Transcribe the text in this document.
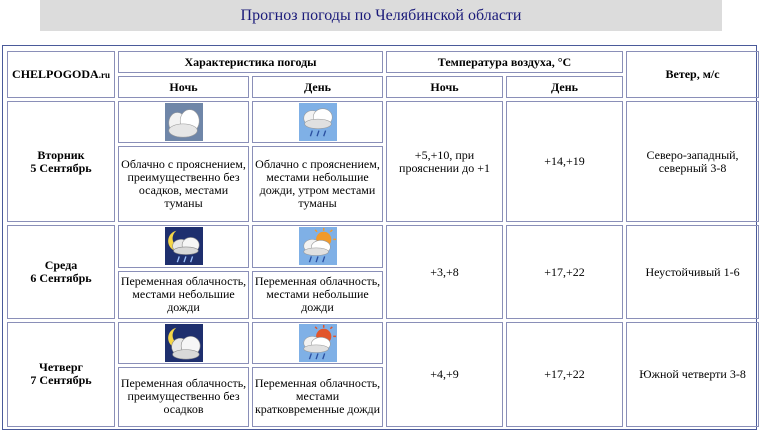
Прогноз погоды по Челябинской области
CHELPOGODA.ru	Характеристика погоды		Температура воздуха, °С		Ветер, м/с
	Ночь	День	Ночь	День	

Вторник
5 Сентябрь			+5,+10, при прояснении до +1	+14,+19	Северо-западный, северный 3-8
	Облачно с прояснением, преимущественно без осадков, местами туманы	Облачно с прояснением, местами небольшие дожди, утром местами туманы			

Среда
6 Сентябрь			+3,+8	+17,+22	Неустойчивый 1-6
	Переменная облачность, местами небольшие дожди	Переменная облачность, местами небольшие дожди			

Четверг
7 Сентябрь			+4,+9	+17,+22	Южной четверти 3-8
	Переменная облачность, преимущественно без осадков	Переменная облачность, местами кратковременные дожди			
